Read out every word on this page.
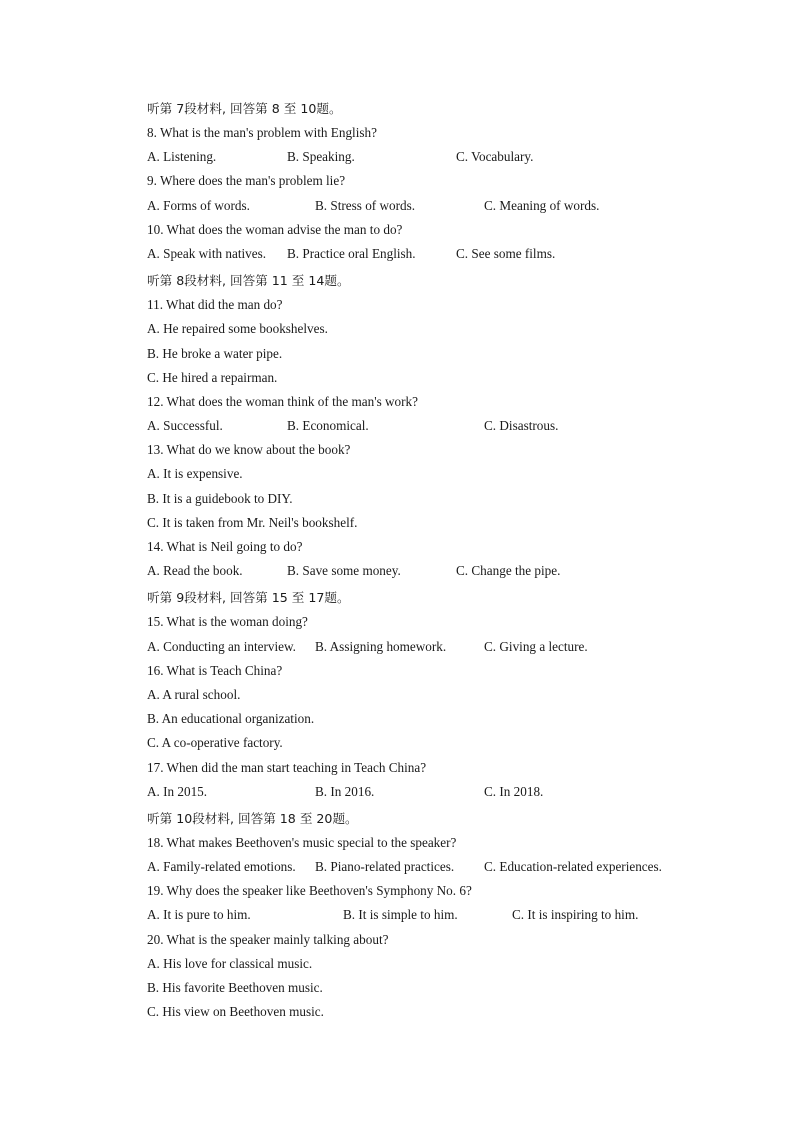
听第 7段材料, 回答第 8 至 10题。
8. What is the man's problem with English?
A. Listening.	B. Speaking.	C. Vocabulary.
9. Where does the man's problem lie?
A. Forms of words.	B. Stress of words.	C. Meaning of words.
10. What does the woman advise the man to do?
A. Speak with natives. B. Practice oral English.	C. See some films.
听第 8段材料, 回答第 11 至 14题。
11. What did the man do?
A. He repaired some bookshelves.
B. He broke a water pipe.
C. He hired a repairman.
12. What does the woman think of the man's work?
A. Successful.	B. Economical.	C. Disastrous.
13. What do we know about the book?
A. It is expensive.
B. It is a guidebook to DIY.
C. It is taken from Mr. Neil's bookshelf.
14. What is Neil going to do?
A. Read the book.	B. Save some money.	C. Change the pipe.
听第 9段材料, 回答第 15 至 17题。
15. What is the woman doing?
A. Conducting an interview. B. Assigning homework.	C. Giving a lecture.
16. What is Teach China?
A. A rural school.
B. An educational organization.
C. A co-operative factory.
17. When did the man start teaching in Teach China?
A. In 2015.	B. In 2016.	C. In 2018.
听第 10段材料, 回答第 18 至 20题。
18. What makes Beethoven's music special to the speaker?
A. Family-related emotions. B. Piano-related practices. C. Education-related experiences.
19. Why does the speaker like Beethoven's Symphony No. 6?
A. It is pure to him.	B. It is simple to him.	C. It is inspiring to him.
20. What is the speaker mainly talking about?
A. His love for classical music.
B. His favorite Beethoven music.
C. His view on Beethoven music.
